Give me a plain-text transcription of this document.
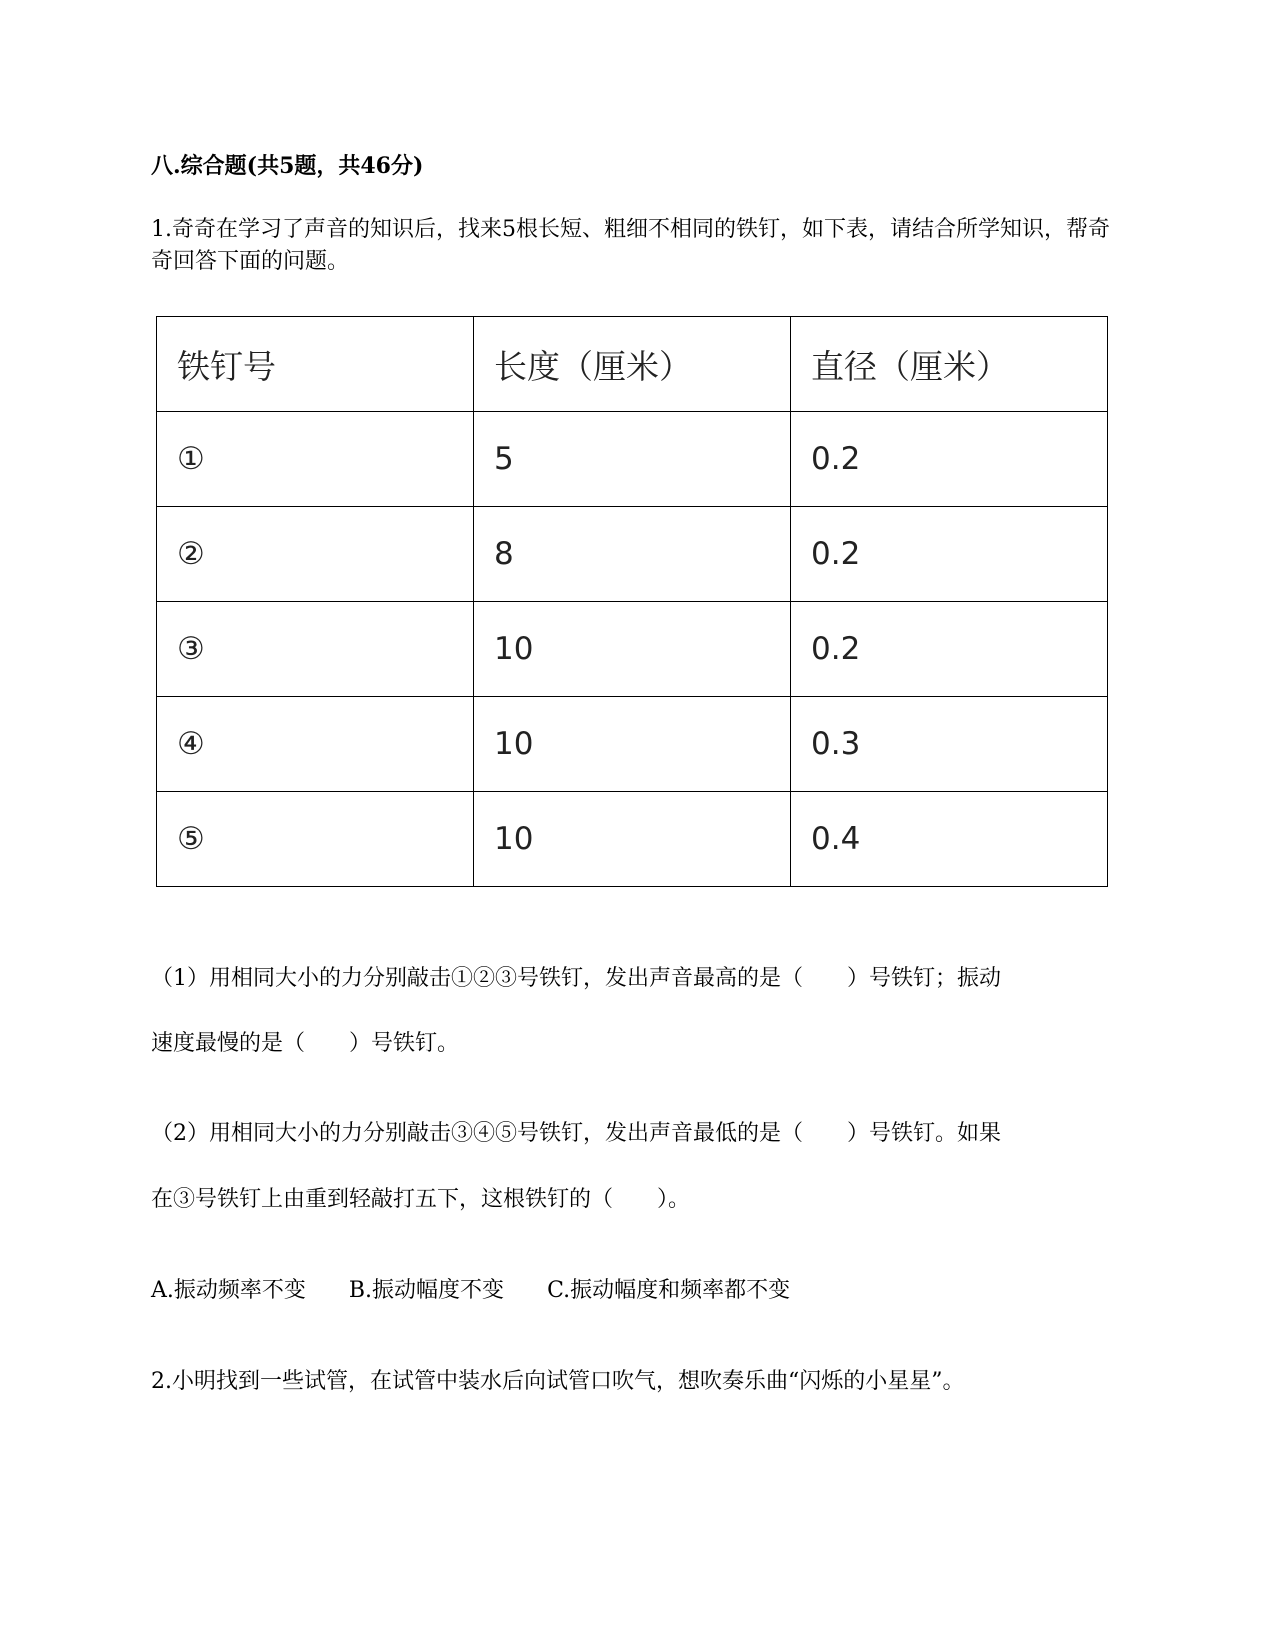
八.综合题(共5题，共46分)
1.奇奇在学习了声音的知识后，找来5根长短、粗细不相同的铁钉，如下表，请结合所学知识，帮奇奇回答下面的问题。
铁钉号	长度（厘米）	直径（厘米）
①	5	0.2
②	8	0.2
③	10	0.2
④	10	0.3
⑤	10	0.4
（1）用相同大小的力分别敲击①②③号铁钉，发出声音最高的是（　　）号铁钉；振动
速度最慢的是（　　）号铁钉。
（2）用相同大小的力分别敲击③④⑤号铁钉，发出声音最低的是（　　）号铁钉。如果
在③号铁钉上由重到轻敲打五下，这根铁钉的（　　）。
A.振动频率不变 B.振动幅度不变 C.振动幅度和频率都不变
2.小明找到一些试管，在试管中装水后向试管口吹气，想吹奏乐曲“闪烁的小星星”。
